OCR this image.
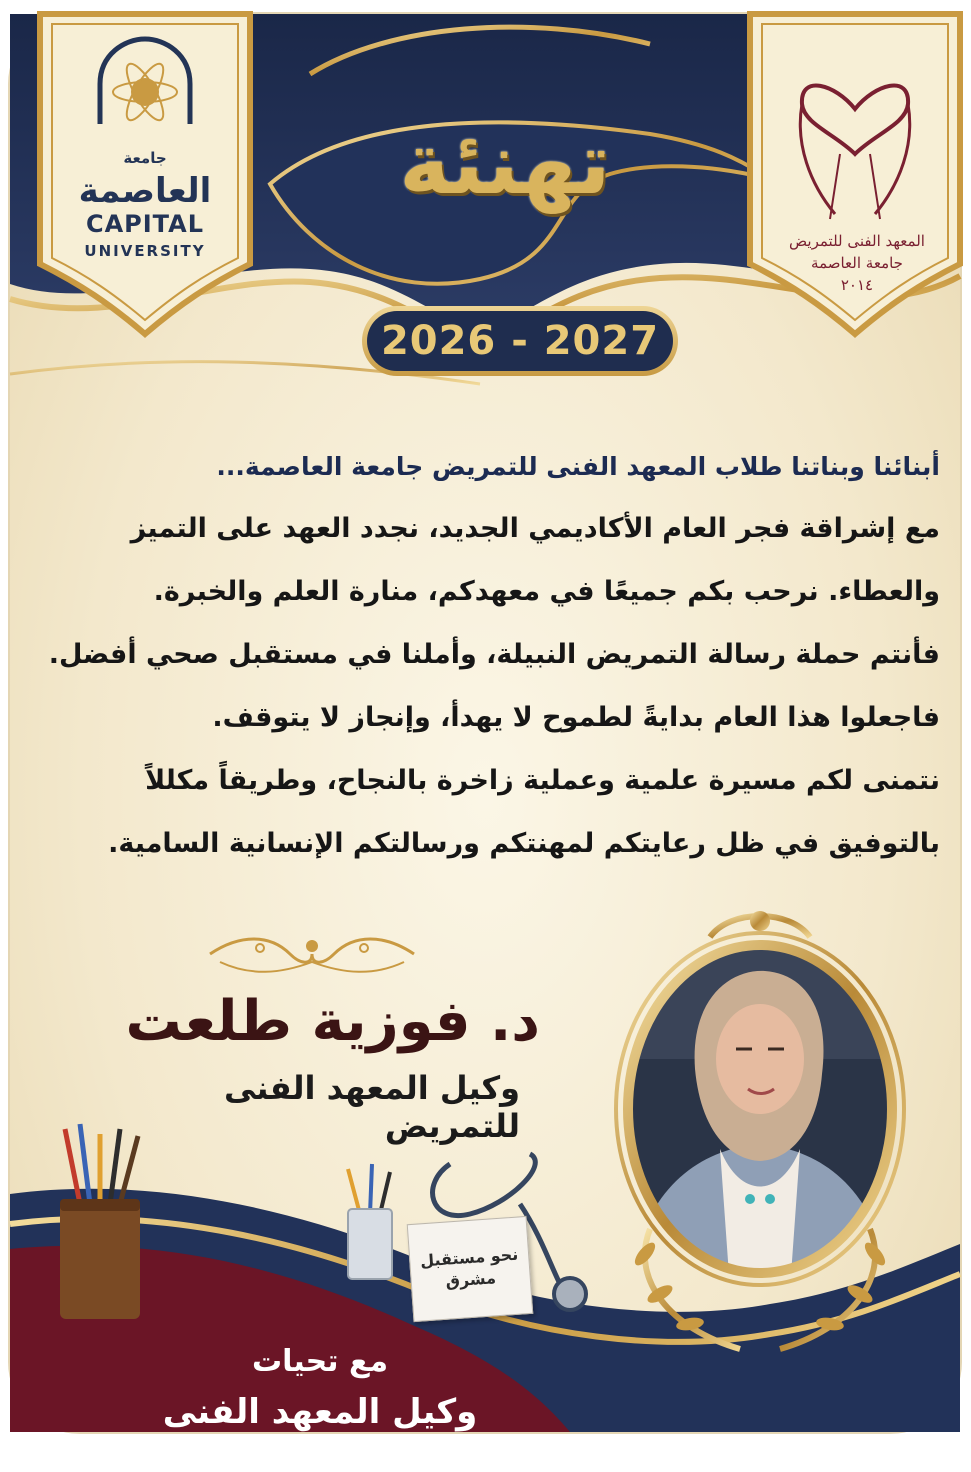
جامعة
العاصمة
CAPITAL
UNIVERSITY
المعهد الفنى للتمريض
جامعة العاصمة
٢٠١٤
تهنئة
2026 - 2027
أبنائنا وبناتنا طلاب المعهد الفنى للتمريض جامعة العاصمة...
مع إشراقة فجر العام الأكاديمي الجديد، نجدد العهد على التميز
والعطاء. نرحب بكم جميعًا في معهدكم، منارة العلم والخبرة.
فأنتم حملة رسالة التمريض النبيلة، وأملنا في مستقبل صحي أفضل.
فاجعلوا هذا العام بدايةً لطموح لا يهدأ، وإنجاز لا يتوقف.
نتمنى لكم مسيرة علمية وعملية زاخرة بالنجاح، وطريقاً مكللاً
بالتوفيق في ظل رعايتكم لمهنتكم ورسالتكم الإنسانية السامية.
د. فوزية طلعت
وكيل المعهد الفنى للتمريض
نحو مستقبل
مشرق
مع تحيات
وكيل المعهد الفنى للتمريض
